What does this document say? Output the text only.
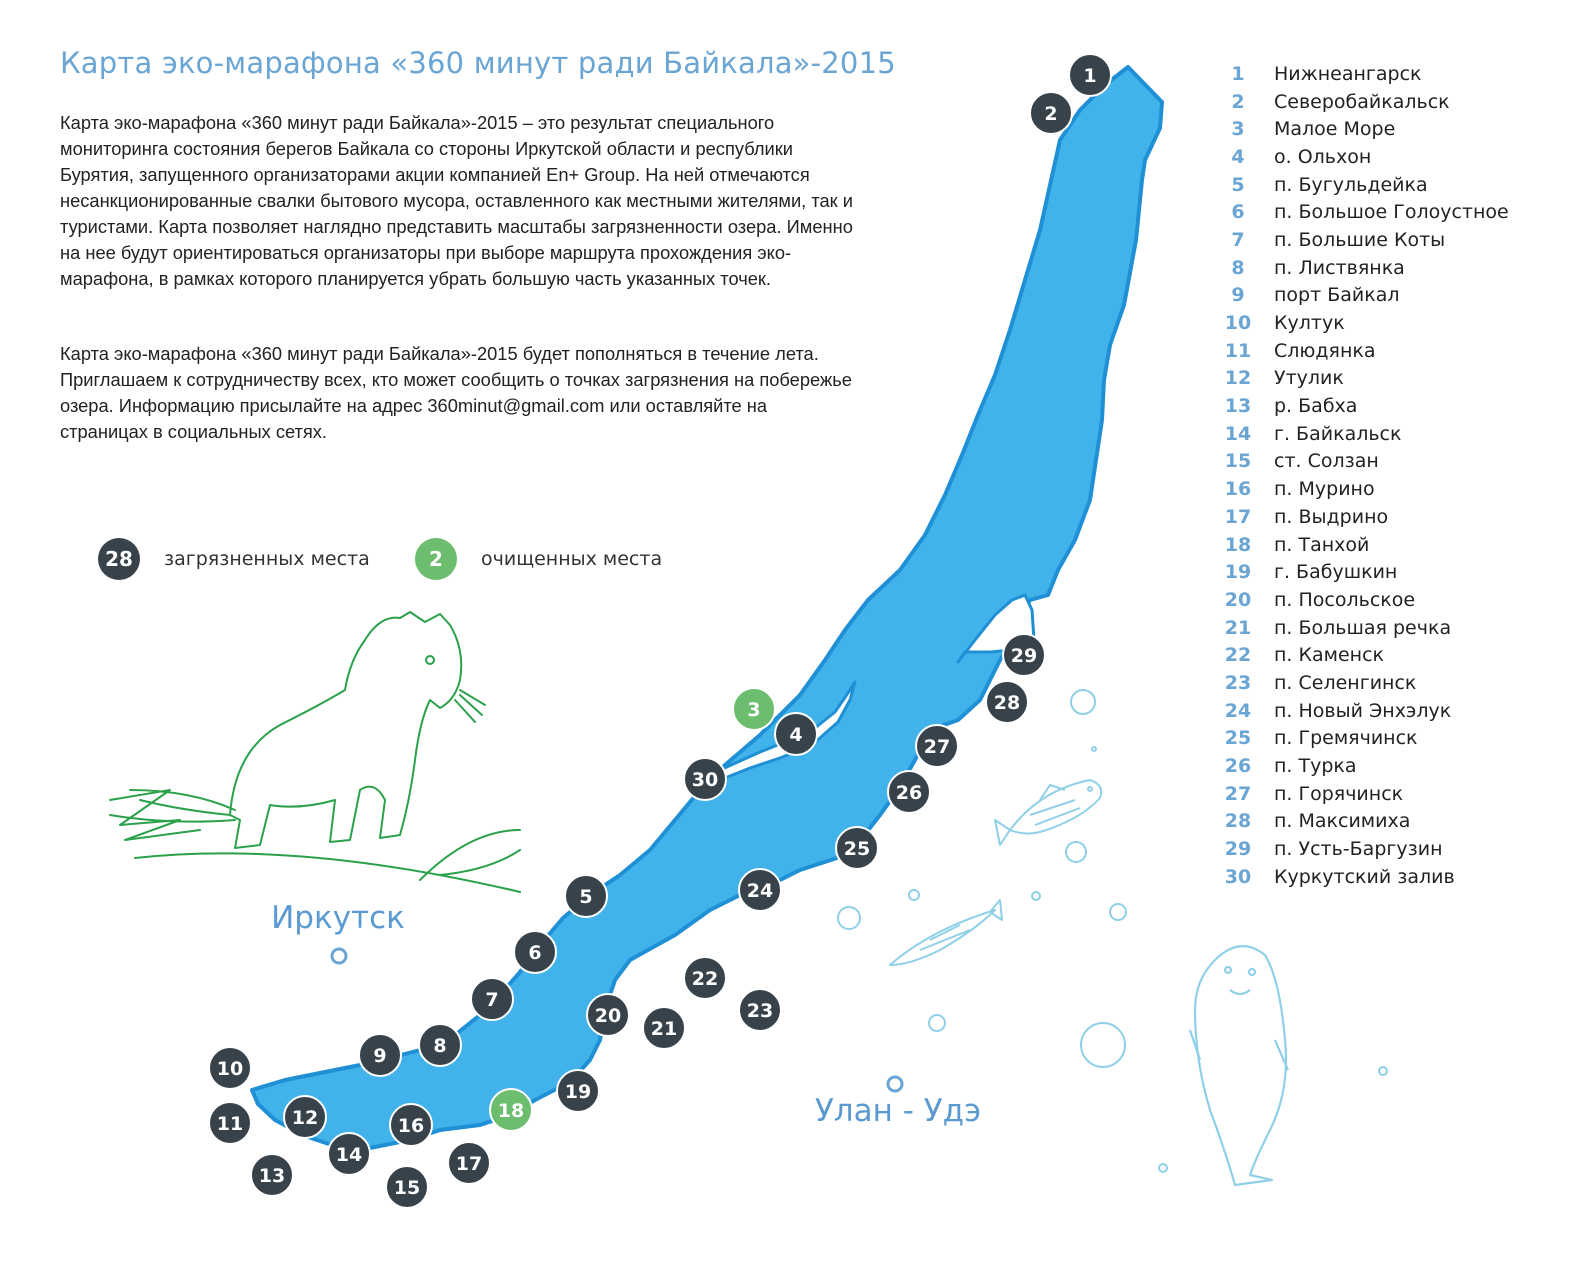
Иркутск
Улан - Удэ
1
2
3
4
5
6
7
8
9
10
11	12
13
14
15
16
17
18
19
20
21
22
23
24
25
26
27
28
29
30
Карта эко-марафона «360 минут ради Байкала»-2015
Карта эко-марафона «360 минут ради Байкала»-2015 – это результат специального мониторинга состояния берегов Байкала со стороны Иркутской области и республики Бурятия, запущенного организаторами акции компанией En+ Group. На ней отмечаются несанкционированные свалки бытового мусора, оставленного как местными жителями, так и туристами. Карта позволяет наглядно представить масштабы загрязненности озера. Именно на нее будут ориентироваться организаторы при выборе маршрута прохождения эко-марафона, в рамках которого планируется убрать большую часть указанных точек.
Карта эко-марафона «360 минут ради Байкала»-2015 будет пополняться в течение лета. Приглашаем к сотрудничеству всех, кто может сообщить о точках загрязнения на побережье озера. Информацию присылайте на адрес 360minut@gmail.com или оставляйте на страницах в социальных сетях.
28	загрязненных места	2	очищенных места
1	Нижнеангарск
2	Северобайкальск
3	Малое Море
4	о. Ольхон
5	п. Бугульдейка
6	п. Большое Голоустное
7	п. Большие Коты
8	п. Листвянка
9	порт Байкал
10 Култук
11 Слюдянка
12 Утулик
13 р. Бабха
14 г. Байкальск
15 ст. Солзан
16 п. Мурино
17 п. Выдрино
18 п. Танхой
19 г. Бабушкин
20 п. Посольское
21 п. Большая речка
22 п. Каменск
23 п. Селенгинск
24 п. Новый Энхэлук
25 п. Гремячинск
26 п. Турка
27 п. Горячинск
28 п. Максимиха
29 п. Усть-Баргузин
30 Куркутский залив
